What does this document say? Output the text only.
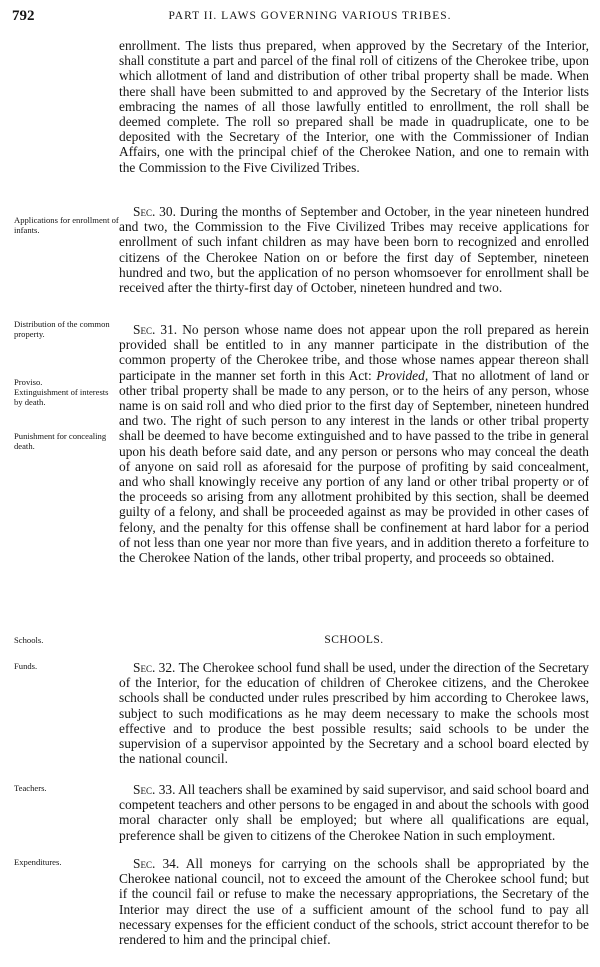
792	PART II. LAWS GOVERNING VARIOUS TRIBES.

enrollment. The lists thus prepared, when approved by the Secretary of the Interior, shall constitute a part and parcel of the final roll of citizens of the Cherokee tribe, upon which allotment of land and distribution of other tribal property shall be made. When there shall have been submitted to and approved by the Secretary of the Interior lists embracing the names of all those lawfully entitled to enrollment, the roll shall be deemed complete. The roll so prepared shall be made in quadruplicate, one to be deposited with the Secretary of the Interior, one with the Commissioner of Indian Affairs, one with the principal chief of the Cherokee Nation, and one to remain with the Commission to the Five Civilized Tribes.

Applications for enrollment of infants.

Sec. 30. During the months of September and October, in the year nineteen hundred and two, the Commission to the Five Civilized Tribes may receive applications for enrollment of such infant children as may have been born to recognized and enrolled citizens of the Cherokee Nation on or before the first day of September, nineteen hundred and two, but the application of no person whomsoever for enrollment shall be received after the thirty-first day of October, nineteen hundred and two.

Distribution of the common property.
Proviso.
Extinguishment of interests by death.
Punishment for concealing death.

Sec. 31. No person whose name does not appear upon the roll prepared as herein provided shall be entitled to in any manner participate in the distribution of the common property of the Cherokee tribe, and those whose names appear thereon shall participate in the manner set forth in this Act: Provided, That no allotment of land or other tribal property shall be made to any person, or to the heirs of any person, whose name is on said roll and who died prior to the first day of September, nineteen hundred and two. The right of such person to any interest in the lands or other tribal property shall be deemed to have become extinguished and to have passed to the tribe in general upon his death before said date, and any person or persons who may conceal the death of anyone on said roll as aforesaid for the purpose of profiting by said concealment, and who shall knowingly receive any portion of any land or other tribal property or of the proceeds so arising from any allotment prohibited by this section, shall be deemed guilty of a felony, and shall be proceeded against as may be provided in other cases of felony, and the penalty for this offense shall be confinement at hard labor for a period of not less than one year nor more than five years, and in addition thereto a forfeiture to the Cherokee Nation of the lands, other tribal property, and proceeds so obtained.

Schools.	SCHOOLS.
Funds.	Sec. 32. The Cherokee school fund shall be used, under the direction of the Secretary of the Interior, for the education of children of Cherokee citizens, and the Cherokee schools shall be conducted under rules prescribed by him according to Cherokee laws, subject to such modifications as he may deem necessary to make the schools most effective and to produce the best possible results; said schools to be under the supervision of a supervisor appointed by the Secretary and a school board elected by the national council.

Teachers.	Sec. 33. All teachers shall be examined by said supervisor, and said school board and competent teachers and other persons to be engaged in and about the schools with good moral character only shall be employed; but where all qualifications are equal, preference shall be given to citizens of the Cherokee Nation in such employment.

Expenditures.	Sec. 34. All moneys for carrying on the schools shall be appropriated by the Cherokee national council, not to exceed the amount of the Cherokee school fund; but if the council fail or refuse to make the necessary appropriations, the Secretary of the Interior may direct the use of a sufficient amount of the school fund to pay all necessary expenses for the efficient conduct of the schools, strict account therefor to be rendered to him and the principal chief.
